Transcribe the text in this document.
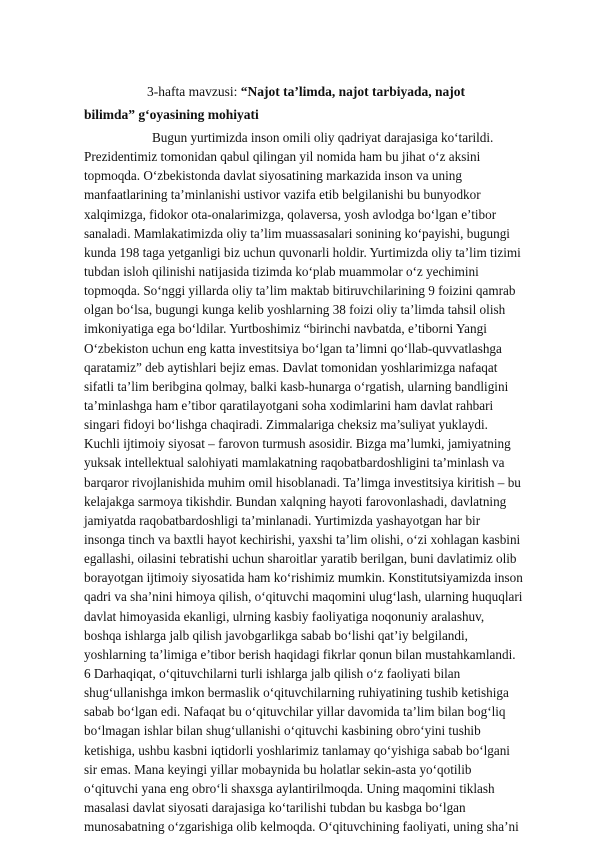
3-hafta mavzusi: “Najot ta’limda, najot tarbiyada, najot
bilimda” g‘oyasining mohiyati
Bugun yurtimizda inson omili oliy qadriyat darajasiga ko‘tarildi.
Prezidentimiz tomonidan qabul qilingan yil nomida ham bu jihat o‘z aksini
topmoqda. O‘zbekistonda davlat siyosatining markazida inson va uning
manfaatlarining ta’minlanishi ustivor vazifa etib belgilanishi bu bunyodkor
xalqimizga, fidokor ota-onalarimizga, qolaversa, yosh avlodga bo‘lgan e’tibor
sanaladi. Mamlakatimizda oliy ta’lim muassasalari sonining ko‘payishi, bugungi
kunda 198 taga yetganligi biz uchun quvonarli holdir. Yurtimizda oliy ta’lim tizimi
tubdan isloh qilinishi natijasida tizimda ko‘plab muammolar o‘z yechimini
topmoqda. So‘nggi yillarda oliy ta’lim maktab bitiruvchilarining 9 foizini qamrab
olgan bo‘lsa, bugungi kunga kelib yoshlarning 38 foizi oliy ta’limda tahsil olish
imkoniyatiga ega bo‘ldilar. Yurtboshimiz “birinchi navbatda, e’tiborni Yangi
O‘zbekiston uchun eng katta investitsiya bo‘lgan ta’limni qo‘llab-quvvatlashga
qaratamiz” deb aytishlari bejiz emas. Davlat tomonidan yoshlarimizga nafaqat
sifatli ta’lim beribgina qolmay, balki kasb-hunarga o‘rgatish, ularning bandligini
ta’minlashga ham e’tibor qaratilayotgani soha xodimlarini ham davlat rahbari
singari fidoyi bo‘lishga chaqiradi. Zimmalariga cheksiz ma’suliyat yuklaydi.
Kuchli ijtimoiy siyosat – farovon turmush asosidir. Bizga ma’lumki, jamiyatning
yuksak intellektual salohiyati mamlakatning raqobatbardoshligini ta’minlash va
barqaror rivojlanishida muhim omil hisoblanadi. Ta’limga investitsiya kiritish – bu
kelajakga sarmoya tikishdir. Bundan xalqning hayoti farovonlashadi, davlatning
jamiyatda raqobatbardoshligi ta’minlanadi. Yurtimizda yashayotgan har bir
insonga tinch va baxtli hayot kechirishi, yaxshi ta’lim olishi, o‘zi xohlagan kasbini
egallashi, oilasini tebratishi uchun sharoitlar yaratib berilgan, buni davlatimiz olib
borayotgan ijtimoiy siyosatida ham ko‘rishimiz mumkin. Konstitutsiyamizda inson
qadri va sha’nini himoya qilish, o‘qituvchi maqomini ulug‘lash, ularning huquqlari
davlat himoyasida ekanligi, ulrning kasbiy faoliyatiga noqonuniy aralashuv,
boshqa ishlarga jalb qilish javobgarlikga sabab bo‘lishi qat’iy belgilandi,
yoshlarning ta’limiga e’tibor berish haqidagi fikrlar qonun bilan mustahkamlandi.
6 Darhaqiqat, o‘qituvchilarni turli ishlarga jalb qilish o‘z faoliyati bilan
shug‘ullanishga imkon bermaslik o‘qituvchilarning ruhiyatining tushib ketishiga
sabab bo‘lgan edi. Nafaqat bu o‘qituvchilar yillar davomida ta’lim bilan bog‘liq
bo‘lmagan ishlar bilan shug‘ullanishi o‘qituvchi kasbining obro‘yini tushib
ketishiga, ushbu kasbni iqtidorli yoshlarimiz tanlamay qo‘yishiga sabab bo‘lgani
sir emas. Mana keyingi yillar mobaynida bu holatlar sekin-asta yo‘qotilib
o‘qituvchi yana eng obro‘li shaxsga aylantirilmoqda. Uning maqomini tiklash
masalasi davlat siyosati darajasiga ko‘tarilishi tubdan bu kasbga bo‘lgan
munosabatning o‘zgarishiga olib kelmoqda. O‘qituvchining faoliyati, uning sha’ni
